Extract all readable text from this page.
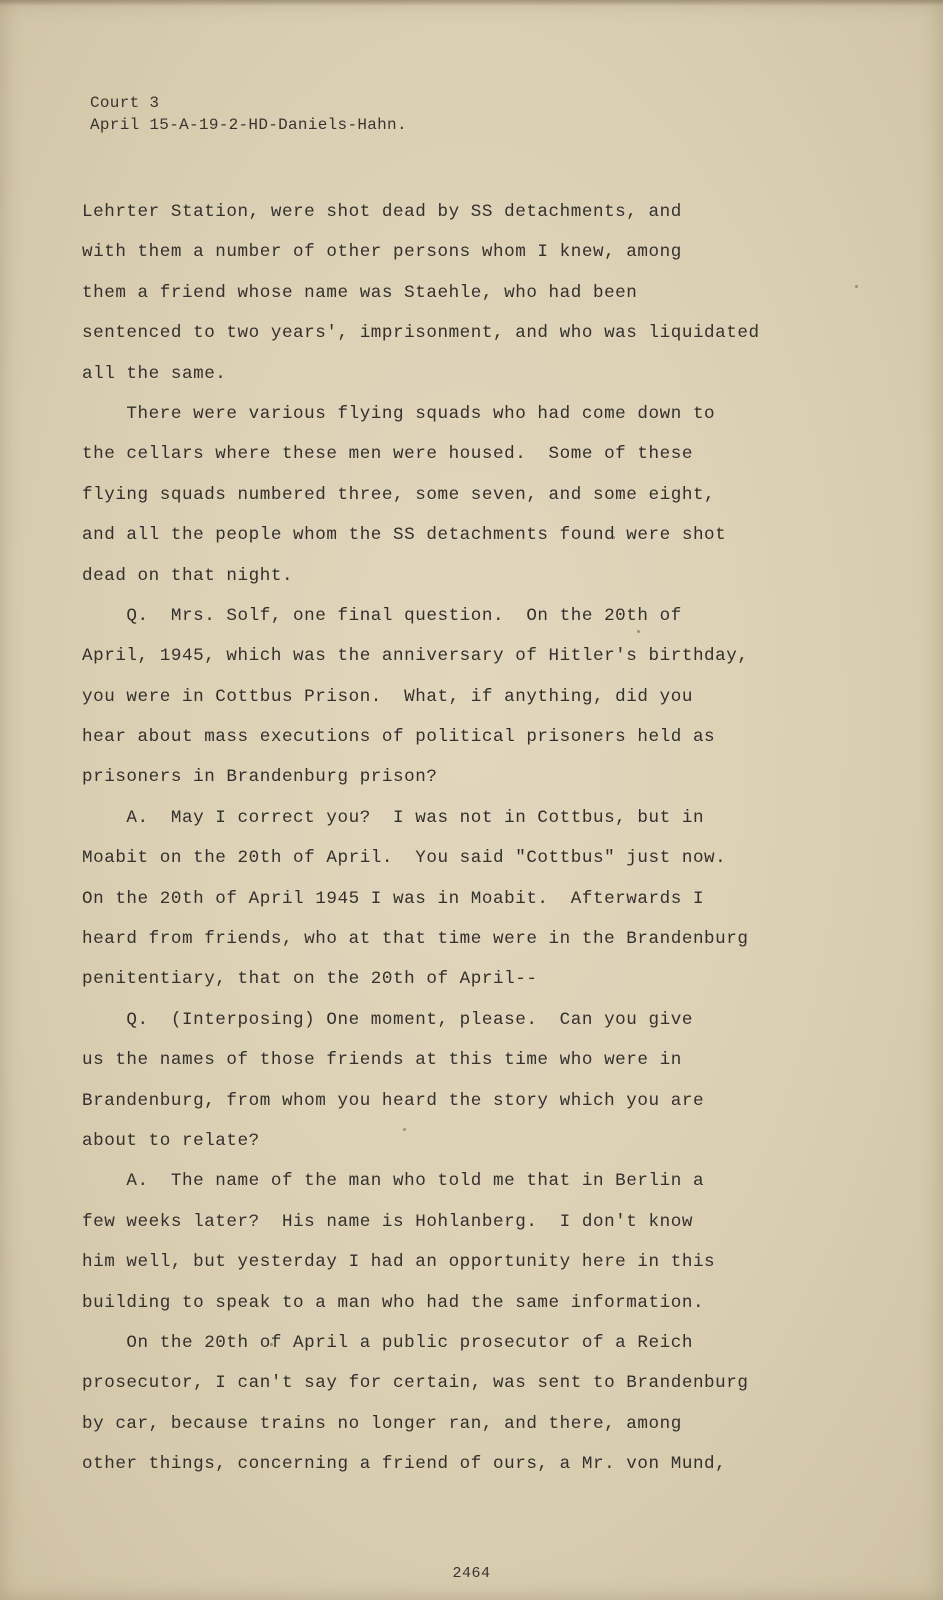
Court 3
April 15-A-19-2-HD-Daniels-Hahn.
Lehrter Station, were shot dead by SS detachments, and
with them a number of other persons whom I knew, among
them a friend whose name was Staehle, who had been
sentenced to two years', imprisonment, and who was liquidated
all the same.
There were various flying squads who had come down to
the cellars where these men were housed.  Some of these
flying squads numbered three, some seven, and some eight,
and all the people whom the SS detachments found were shot
dead on that night.
Q.  Mrs. Solf, one final question.  On the 20th of
April, 1945, which was the anniversary of Hitler's birthday,
you were in Cottbus Prison.  What, if anything, did you
hear about mass executions of political prisoners held as
prisoners in Brandenburg prison?
A.  May I correct you?  I was not in Cottbus, but in
Moabit on the 20th of April.  You said "Cottbus" just now.
On the 20th of April 1945 I was in Moabit.  Afterwards I
heard from friends, who at that time were in the Brandenburg
penitentiary, that on the 20th of April--
Q.  (Interposing) One moment, please.  Can you give
us the names of those friends at this time who were in
Brandenburg, from whom you heard the story which you are
about to relate?
A.  The name of the man who told me that in Berlin a
few weeks later?  His name is Hohlanberg.  I don't know
him well, but yesterday I had an opportunity here in this
building to speak to a man who had the same information.
On the 20th of April a public prosecutor of a Reich
prosecutor, I can't say for certain, was sent to Brandenburg
by car, because trains no longer ran, and there, among
other things, concerning a friend of ours, a Mr. von Mund,
2464
